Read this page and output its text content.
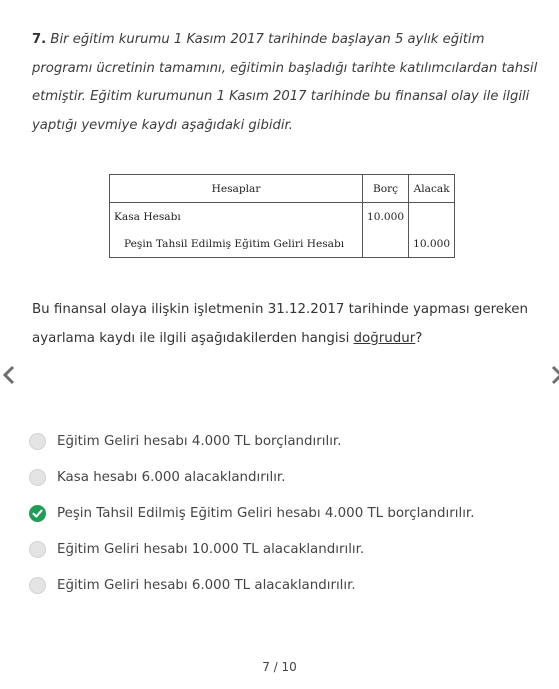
7. Bir eğitim kurumu 1 Kasım 2017 tarihinde başlayan 5 aylık eğitim programı ücretinin tamamını, eğitimin başladığı tarihte katılımcılardan tahsil etmiştir. Eğitim kurumunun 1 Kasım 2017 tarihinde bu finansal olay ile ilgili yaptığı yevmiye kaydı aşağıdaki gibidir.
Hesaplar	Borç	Alacak
Kasa Hesabı	10.000	
Peşin Tahsil Edilmiş Eğitim Geliri Hesabı		10.000
Bu finansal olaya ilişkin işletmenin 31.12.2017 tarihinde yapması gereken ayarlama kaydı ile ilgili aşağıdakilerden hangisi doğrudur?
Eğitim Geliri hesabı 4.000 TL borçlandırılır.
Kasa hesabı 6.000 alacaklandırılır.
Peşin Tahsil Edilmiş Eğitim Geliri hesabı 4.000 TL borçlandırılır.
Eğitim Geliri hesabı 10.000 TL alacaklandırılır.
Eğitim Geliri hesabı 6.000 TL alacaklandırılır.
7 / 10
